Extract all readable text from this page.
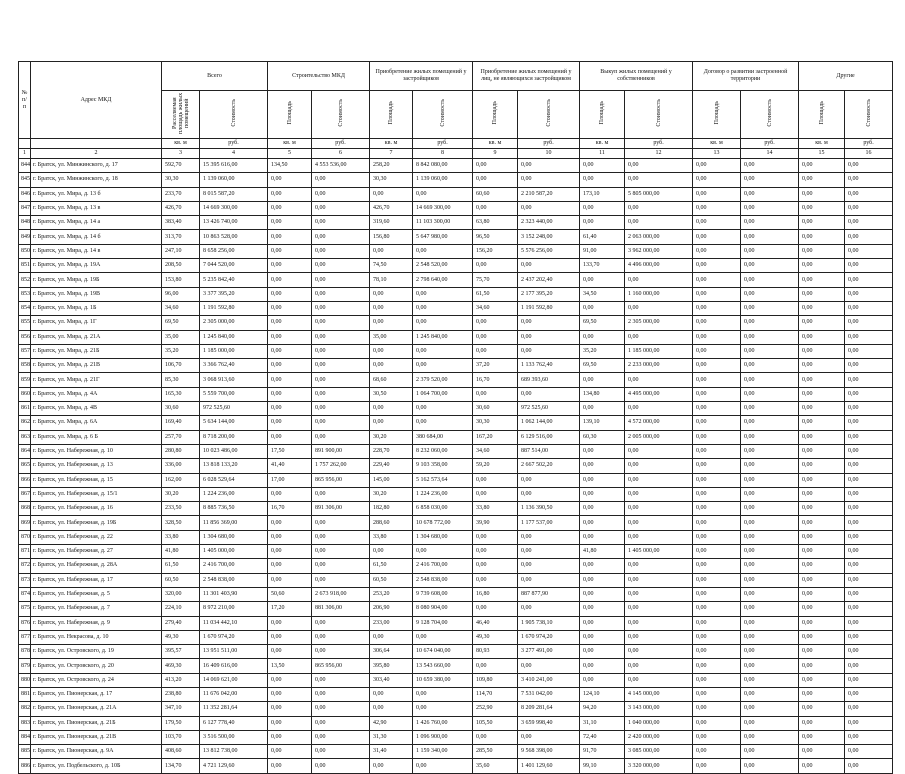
№ п/п	Адрес МКД	Всего		Строительство МКД		Приобретение жилых помещений у застройщиков		Приобретение жилых помещений у лиц, не являющихся застройщиком		Выкуп жилых помещений у собственников		Договор о развитии застроенной территории		Другие	
		Расселяемая площадь жилых помещений	Стоимость	Площадь	Стоимость	Площадь	Стоимость	Площадь	Стоимость	Площадь	Стоимость	Площадь	Стоимость	Площадь	Стоимость
		кв. м	руб.	кв. м	руб.	кв. м	руб.	кв. м	руб.	кв. м	руб.	кв. м	руб.	кв. м	руб.
1	2	3	4	5	6	7	8	9	10	11	12	13	14	15	16
844	г. Братск, ул. Минжинского, д. 17	592,70	15 395 616,00	134,50	4 553 536,00	258,20	8 842 080,00	0,00	0,00	0,00	0,00	0,00	0,00	0,00	0,00
845	г. Братск, ул. Минжинского, д. 18	30,30	1 139 060,00	0,00	0,00	30,30	1 139 060,00	0,00	0,00	0,00	0,00	0,00	0,00	0,00	0,00
846	г. Братск, ул. Мира, д. 13 б	233,70	8 015 587,20	0,00	0,00	0,00	0,00	60,60	2 210 587,20	173,10	5 805 000,00	0,00	0,00	0,00	0,00
847	г. Братск, ул. Мира, д. 13 в	426,70	14 669 300,00	0,00	0,00	426,70	14 669 300,00	0,00	0,00	0,00	0,00	0,00	0,00	0,00	0,00
848	г. Братск, ул. Мира, д. 14 а	383,40	13 426 740,00	0,00	0,00	319,60	11 103 300,00	63,80	2 323 440,00	0,00	0,00	0,00	0,00	0,00	0,00
849	г. Братск, ул. Мира, д. 14 б	313,70	10 863 528,00	0,00	0,00	156,80	5 647 980,00	96,50	3 152 248,00	61,40	2 063 000,00	0,00	0,00	0,00	0,00
850	г. Братск, ул. Мира, д. 14 в	247,10	8 658 256,00	0,00	0,00	0,00	0,00	156,20	5 576 256,00	91,00	3 962 000,00	0,00	0,00	0,00	0,00
851	г. Братск, ул. Мира, д. 19А	208,50	7 044 520,00	0,00	0,00	74,50	2 548 520,00	0,00	0,00	133,70	4 496 000,00	0,00	0,00	0,00	0,00
852	г. Братск, ул. Мира, д. 19Б	153,80	5 235 842,40	0,00	0,00	78,10	2 798 640,00	75,70	2 437 202,40	0,00	0,00	0,00	0,00	0,00	0,00
853	г. Братск, ул. Мира, д. 19В	96,00	3 377 395,20	0,00	0,00	0,00	0,00	61,50	2 177 395,20	34,50	1 160 000,00	0,00	0,00	0,00	0,00
854	г. Братск, ул. Мира, д. 1Б	34,60	1 191 592,80	0,00	0,00	0,00	0,00	34,60	1 191 592,80	0,00	0,00	0,00	0,00	0,00	0,00
855	г. Братск, ул. Мира, д. 1Г	69,50	2 305 000,00	0,00	0,00	0,00	0,00	0,00	0,00	69,50	2 305 000,00	0,00	0,00	0,00	0,00
856	г. Братск, ул. Мира, д. 21А	35,00	1 245 840,00	0,00	0,00	35,00	1 245 840,00	0,00	0,00	0,00	0,00	0,00	0,00	0,00	0,00
857	г. Братск, ул. Мира, д. 21Б	35,20	1 185 000,00	0,00	0,00	0,00	0,00	0,00	0,00	35,20	1 185 000,00	0,00	0,00	0,00	0,00
858	г. Братск, ул. Мира, д. 21В	106,70	3 366 762,40	0,00	0,00	0,00	0,00	37,20	1 133 762,40	69,50	2 233 000,00	0,00	0,00	0,00	0,00
859	г. Братск, ул. Мира, д. 21Г	85,30	3 068 913,60	0,00	0,00	68,60	2 379 520,00	16,70	689 393,60	0,00	0,00	0,00	0,00	0,00	0,00
860	г. Братск, ул. Мира, д. 4А	165,30	5 559 700,00	0,00	0,00	30,50	1 064 700,00	0,00	0,00	134,80	4 495 000,00	0,00	0,00	0,00	0,00
861	г. Братск, ул. Мира, д. 4В	30,60	972 525,60	0,00	0,00	0,00	0,00	30,60	972 525,60	0,00	0,00	0,00	0,00	0,00	0,00
862	г. Братск, ул. Мира, д. 6А	169,40	5 634 144,00	0,00	0,00	0,00	0,00	30,30	1 062 144,00	139,10	4 572 000,00	0,00	0,00	0,00	0,00
863	г. Братск, ул. Мира, д. 6 Б	257,70	8 718 200,00	0,00	0,00	30,20	380 684,00	167,20	6 129 516,00	60,30	2 005 000,00	0,00	0,00	0,00	0,00
864	г. Братск, ул. Набережная, д. 10	280,80	10 023 486,00	17,50	891 900,00	228,70	8 232 060,00	34,60	887 514,00	0,00	0,00	0,00	0,00	0,00	0,00
865	г. Братск, ул. Набережная, д. 13	336,00	13 818 133,20	41,40	1 757 262,00	229,40	9 103 358,00	59,20	2 667 502,20	0,00	0,00	0,00	0,00	0,00	0,00
866	г. Братск, ул. Набережная, д. 15	162,00	6 028 529,64	17,00	865 956,00	145,00	5 162 573,64	0,00	0,00	0,00	0,00	0,00	0,00	0,00	0,00
867	г. Братск, ул. Набережная, д. 15/1	30,20	1 224 236,00	0,00	0,00	30,20	1 224 236,00	0,00	0,00	0,00	0,00	0,00	0,00	0,00	0,00
868	г. Братск, ул. Набережная, д. 16	233,50	8 885 736,50	16,70	891 306,00	182,80	6 858 030,00	33,80	1 136 390,50	0,00	0,00	0,00	0,00	0,00	0,00
869	г. Братск, ул. Набережная, д. 19Б	328,50	11 856 369,00	0,00	0,00	288,60	10 678 772,00	39,90	1 177 537,00	0,00	0,00	0,00	0,00	0,00	0,00
870	г. Братск, ул. Набережная, д. 22	33,80	1 304 680,00	0,00	0,00	33,80	1 304 680,00	0,00	0,00	0,00	0,00	0,00	0,00	0,00	0,00
871	г. Братск, ул. Набережная, д. 27	41,80	1 405 000,00	0,00	0,00	0,00	0,00	0,00	0,00	41,80	1 405 000,00	0,00	0,00	0,00	0,00
872	г. Братск, ул. Набережная, д. 28А	61,50	2 416 700,00	0,00	0,00	61,50	2 416 700,00	0,00	0,00	0,00	0,00	0,00	0,00	0,00	0,00
873	г. Братск, ул. Набережная, д. 17	60,50	2 548 838,00	0,00	0,00	60,50	2 548 838,00	0,00	0,00	0,00	0,00	0,00	0,00	0,00	0,00
874	г. Братск, ул. Набережная, д. 5	320,00	11 301 403,90	50,60	2 673 918,00	253,20	9 739 608,00	16,80	887 877,90	0,00	0,00	0,00	0,00	0,00	0,00
875	г. Братск, ул. Набережная, д. 7	224,10	8 972 210,00	17,20	881 306,00	206,90	8 080 904,00	0,00	0,00	0,00	0,00	0,00	0,00	0,00	0,00
876	г. Братск, ул. Набережная, д. 9	279,40	11 034 442,10	0,00	0,00	233,00	9 128 704,00	46,40	1 905 738,10	0,00	0,00	0,00	0,00	0,00	0,00
877	г. Братск, ул. Некрасова, д. 10	49,30	1 670 974,20	0,00	0,00	0,00	0,00	49,30	1 670 974,20	0,00	0,00	0,00	0,00	0,00	0,00
878	г. Братск, ул. Островского, д. 19	395,57	13 951 511,00	0,00	0,00	306,64	10 674 040,00	80,93	3 277 491,00	0,00	0,00	0,00	0,00	0,00	0,00
879	г. Братск, ул. Островского, д. 20	469,30	16 409 616,00	13,50	865 956,00	395,80	13 543 660,00	0,00	0,00	0,00	0,00	0,00	0,00	0,00	0,00
880	г. Братск, ул. Островского, д. 24	413,20	14 069 621,00	0,00	0,00	303,40	10 659 380,00	109,80	3 410 241,00	0,00	0,00	0,00	0,00	0,00	0,00
881	г. Братск, ул. Пионерская, д. 17	238,80	11 676 042,00	0,00	0,00	0,00	0,00	114,70	7 531 042,00	124,10	4 145 000,00	0,00	0,00	0,00	0,00
882	г. Братск, ул. Пионерская, д. 21А	347,10	11 352 281,64	0,00	0,00	0,00	0,00	252,90	8 209 281,64	94,20	3 143 000,00	0,00	0,00	0,00	0,00
883	г. Братск, ул. Пионерская, д. 21Б	179,50	6 127 778,40	0,00	0,00	42,90	1 426 760,00	105,50	3 659 998,40	31,10	1 040 000,00	0,00	0,00	0,00	0,00
884	г. Братск, ул. Пионерская, д. 21В	103,70	3 516 500,00	0,00	0,00	31,30	1 096 900,00	0,00	0,00	72,40	2 420 000,00	0,00	0,00	0,00	0,00
885	г. Братск, ул. Пионерская, д. 9А	408,60	13 812 738,00	0,00	0,00	31,40	1 159 340,00	285,50	9 568 398,00	91,70	3 085 000,00	0,00	0,00	0,00	0,00
886	г. Братск, ул. Подбельского, д. 10Б	134,70	4 721 129,60	0,00	0,00	0,00	0,00	35,60	1 401 129,60	99,10	3 320 000,00	0,00	0,00	0,00	0,00
